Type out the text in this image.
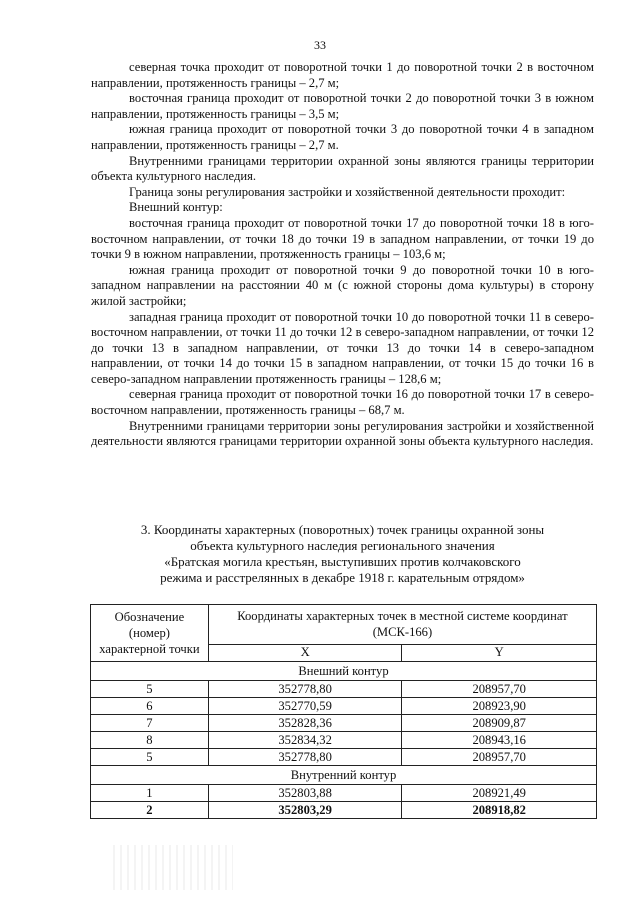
33

северная точка проходит от поворотной точки 1 до поворотной точки 2 в восточном направлении, протяженность границы – 2,7 м;

восточная граница проходит от поворотной точки 2 до поворотной точки 3 в южном направлении, протяженность границы – 3,5 м;

южная граница проходит от поворотной точки 3 до поворотной точки 4 в западном направлении, протяженность границы – 2,7 м.

Внутренними границами территории охранной зоны являются границы территории объекта культурного наследия.

Граница зоны регулирования застройки и хозяйственной деятельности проходит:

Внешний контур:

восточная граница проходит от поворотной точки 17 до поворотной точки 18 в юго-восточном направлении, от точки 18 до точки 19 в западном направлении, от точки 19 до точки 9 в южном направлении, протяженность границы – 103,6 м;

южная граница проходит от поворотной точки 9 до поворотной точки 10 в юго-западном направлении на расстоянии 40 м (с южной стороны дома культуры) в сторону жилой застройки;

западная граница проходит от поворотной точки 10 до поворотной точки 11 в северо-восточном направлении, от точки 11 до точки 12 в северо-западном направлении, от точки 12 до точки 13 в западном направлении, от точки 13 до точки 14 в северо-западном направлении, от точки 14 до точки 15 в западном направлении, от точки 15 до точки 16 в северо-западном направлении протяженность границы – 128,6 м;

северная граница проходит от поворотной точки 16 до поворотной точки 17 в северо-восточном направлении, протяженность границы – 68,7 м.

Внутренними границами территории зоны регулирования застройки и хозяйственной деятельности являются границами территории охранной зоны объекта культурного наследия.

3. Координаты характерных (поворотных) точек границы охранной зоны
объекта культурного наследия регионального значения
«Братская могила крестьян, выступивших против колчаковского
режима и расстрелянных в декабре 1918 г. карательным отрядом»
Обозначение (номер) характерной точки	Координаты характерных точек в местной системе координат (МСК-166)	
	X	Y
Внешний контур		
5	352778,80	208957,70
6	352770,59	208923,90
7	352828,36	208909,87
8	352834,32	208943,16
5	352778,80	208957,70
Внутренний контур		
1	352803,88	208921,49
2	352803,29	208918,82
